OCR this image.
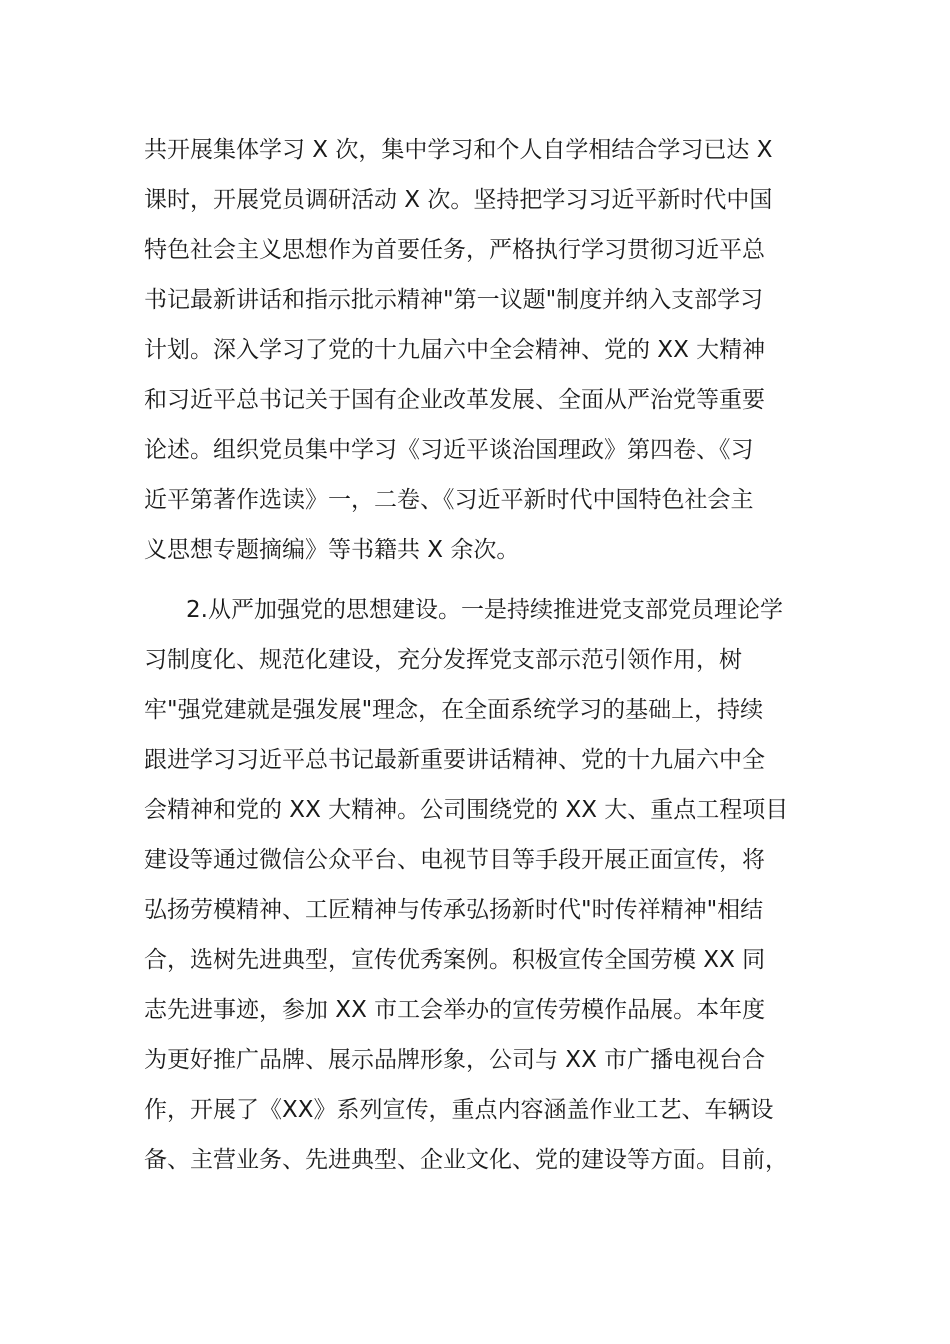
共开展集体学习 X 次，集中学习和个人自学相结合学习已达 X
课时，开展党员调研活动 X 次。坚持把学习习近平新时代中国
特色社会主义思想作为首要任务，严格执行学习贯彻习近平总
书记最新讲话和指示批示精神"第一议题"制度并纳入支部学习
计划。深入学习了党的十九届六中全会精神、党的 XX 大精神
和习近平总书记关于国有企业改革发展、全面从严治党等重要
论述。组织党员集中学习《习近平谈治国理政》第四卷、《习
近平第著作选读》一，二卷、《习近平新时代中国特色社会主
义思想专题摘编》等书籍共 X 余次。
2.从严加强党的思想建设。一是持续推进党支部党员理论学
习制度化、规范化建设，充分发挥党支部示范引领作用，树
牢"强党建就是强发展"理念，在全面系统学习的基础上，持续
跟进学习习近平总书记最新重要讲话精神、党的十九届六中全
会精神和党的 XX 大精神。公司围绕党的 XX 大、重点工程项目
建设等通过微信公众平台、电视节目等手段开展正面宣传，将
弘扬劳模精神、工匠精神与传承弘扬新时代"时传祥精神"相结
合，选树先进典型，宣传优秀案例。积极宣传全国劳模 XX 同
志先进事迹，参加 XX 市工会举办的宣传劳模作品展。本年度
为更好推广品牌、展示品牌形象，公司与 XX 市广播电视台合
作，开展了《XX》系列宣传，重点内容涵盖作业工艺、车辆设
备、主营业务、先进典型、企业文化、党的建设等方面。目前，
